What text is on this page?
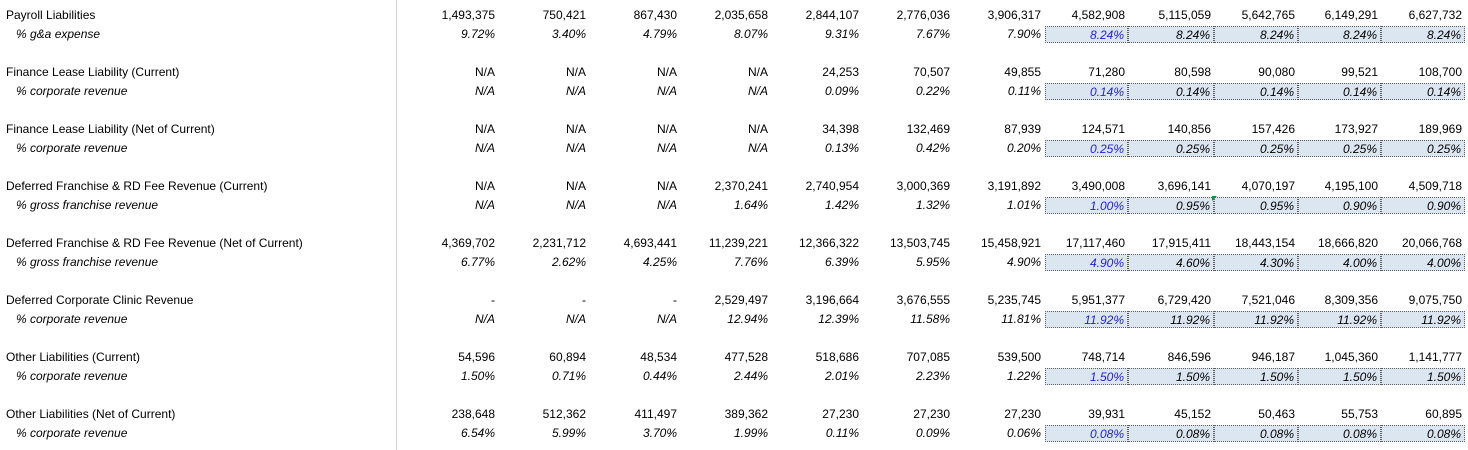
Payroll Liabilities	1,493,375	750,421	867,430	2,035,658	2,844,107	2,776,036	3,906,317	4,582,908	5,115,059	5,642,765	6,149,291	6,627,732
% g&a expense	9.72%	3.40%	4.79%	8.07%	9.31%	7.67%	7.90%	8.24%	8.24%	8.24%	8.24%	8.24%
Finance Lease Liability (Current)	N/A	N/A	N/A	N/A	24,253	70,507	49,855	71,280	80,598	90,080	99,521	108,700
% corporate revenue	N/A	N/A	N/A	N/A	0.09%	0.22%	0.11%	0.14%	0.14%	0.14%	0.14%	0.14%
Finance Lease Liability (Net of Current)	N/A	N/A	N/A	N/A	34,398	132,469	87,939	124,571	140,856	157,426	173,927	189,969
% corporate revenue	N/A	N/A	N/A	N/A	0.13%	0.42%	0.20%	0.25%	0.25%	0.25%	0.25%	0.25%
Deferred Franchise & RD Fee Revenue (Current)	N/A	N/A	N/A	2,370,241	2,740,954	3,000,369	3,191,892	3,490,008	3,696,141	4,070,197	4,195,100	4,509,718
% gross franchise revenue	N/A	N/A	N/A	1.64%	1.42%	1.32%	1.01%	1.00%	0.95%	0.95%	0.90%	0.90%
Deferred Franchise & RD Fee Revenue (Net of Current)	4,369,702	2,231,712	4,693,441	11,239,221	12,366,322	13,503,745	15,458,921	17,117,460	17,915,411	18,443,154	18,666,820	20,066,768
% gross franchise revenue	6.77%	2.62%	4.25%	7.76%	6.39%	5.95%	4.90%	4.90%	4.60%	4.30%	4.00%	4.00%
Deferred Corporate Clinic Revenue	-	-	-	2,529,497	3,196,664	3,676,555	5,235,745	5,951,377	6,729,420	7,521,046	8,309,356	9,075,750
% corporate revenue	N/A	N/A	N/A	12.94%	12.39%	11.58%	11.81%	11.92%	11.92%	11.92%	11.92%	11.92%
Other Liabilities (Current)	54,596	60,894	48,534	477,528	518,686	707,085	539,500	748,714	846,596	946,187	1,045,360	1,141,777
% corporate revenue	1.50%	0.71%	0.44%	2.44%	2.01%	2.23%	1.22%	1.50%	1.50%	1.50%	1.50%	1.50%
Other Liabilities (Net of Current)	238,648	512,362	411,497	389,362	27,230	27,230	27,230	39,931	45,152	50,463	55,753	60,895
% corporate revenue	6.54%	5.99%	3.70%	1.99%	0.11%	0.09%	0.06%	0.08%	0.08%	0.08%	0.08%	0.08%
